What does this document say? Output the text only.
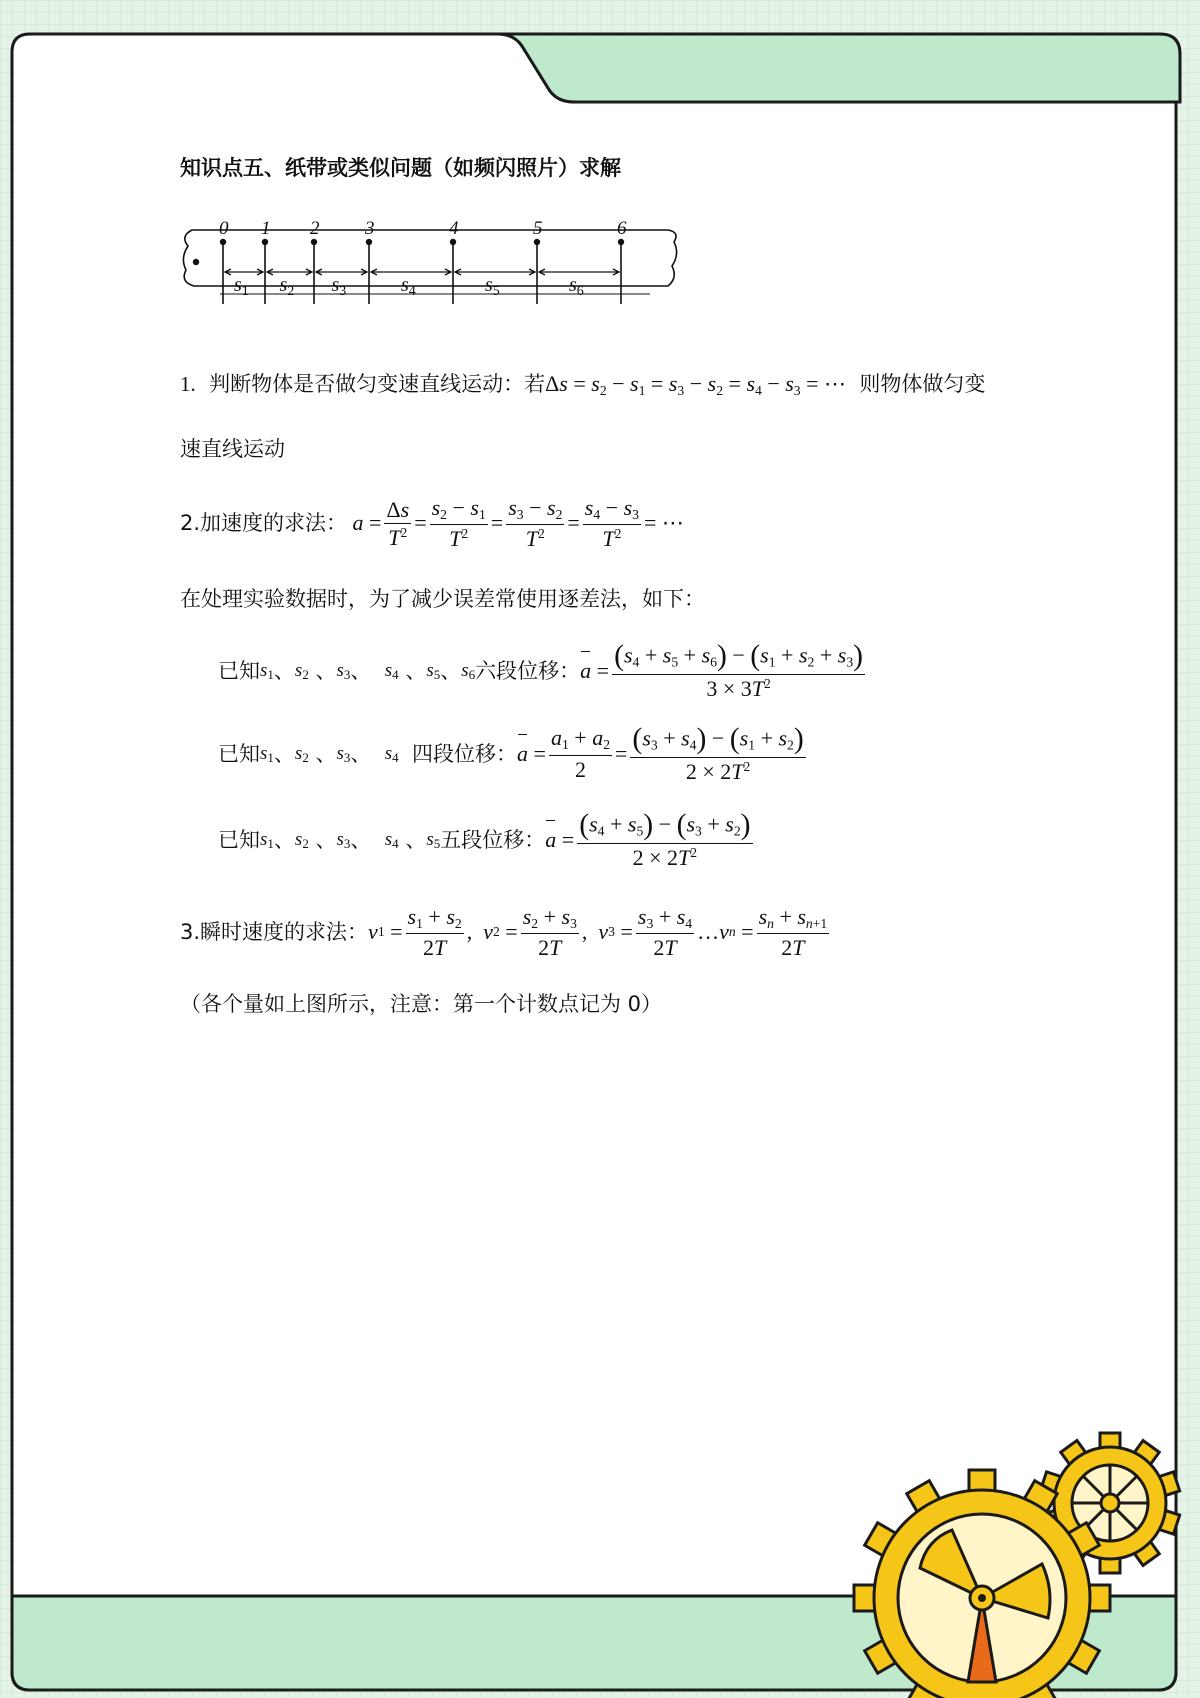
知识点五、纸带或类似问题（如频闪照片）求解
0 1 2 3	4	5	6
s1 s2 s3	s4	s5	s6
1. 判断物体是否做匀变速直线运动：若$\Delta s = s_2 - s_1 = s_3 - s_2 = s_4 - s_3$ = ⋯ 则物体做匀变
速直线运动
2.加速度的求法：
$a = \frac{\Delta s}{T^2} = \frac{s_2 - s_1}{T^2} = \frac{s_3 - s_2}{T^2} = \frac{s_4 - s_3}{T^2}$ = ⋯
在处理实验数据时，为了减少误差常使用逐差法，如下：
已知 s 1 、 s 2 、 s 3 、 s 4 、 s 5 、 s 6 六段位移： $a = \frac{(s_4 + s_5 + s_6) - (s_1 + s_2 + s_3)}{3 \times 3T^2}$
已知 s 1 、 s 2 、 s 3 、 s 4
四段位移： $a = \frac{a_1 + a_2}{2} = \frac{(s_3 + s_4) - (s_1 + s_2)}{2 \times 2T^2}$
已知 s 1 、 s 2 、 s 3 、 s 4 、 s 5 五段位移： $a = \frac{(s_4 + s_5) - (s_3 + s_2)}{2 \times 2T^2}$
3.瞬时速度的求法： v $1 = \frac{s_1 + s_2}{2T}$ , v $2 = \frac{s_2 + s_3}{2T}$ , v $3 = \frac{s_3 + s_4}{2T}$ … v $n = \frac{s_n + s_{n+1}}{2T}$
（各个量如上图所示，注意：第一个计数点记为 0）
